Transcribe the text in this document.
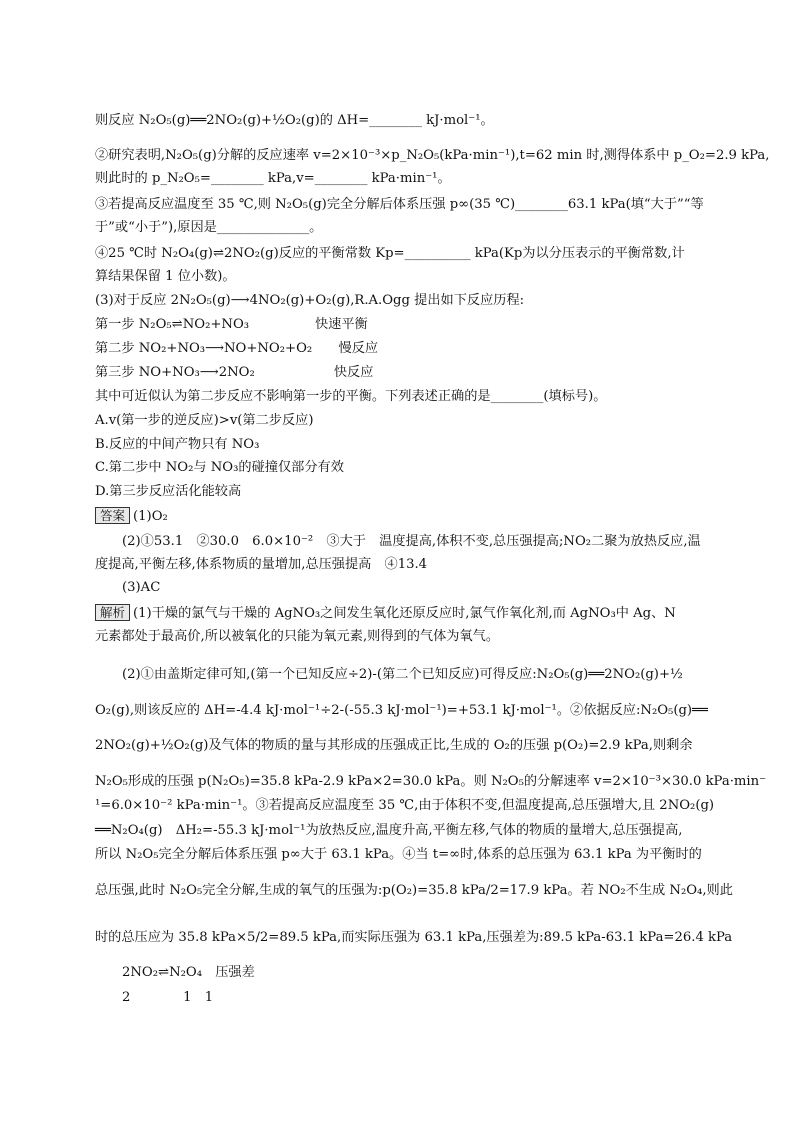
则反应 N₂O₅(g)══2NO₂(g)+½O₂(g)的 ΔH=________ kJ·mol⁻¹。
②研究表明,N₂O₅(g)分解的反应速率 v=2×10⁻³×p_N₂O₅(kPa·min⁻¹),t=62 min 时,测得体系中 p_O₂=2.9 kPa,
则此时的 p_N₂O₅=________ kPa,v=________ kPa·min⁻¹。
③若提高反应温度至 35 ℃,则 N₂O₅(g)完全分解后体系压强 p∞(35 ℃)________63.1 kPa(填“大于”“等
于”或“小于”),原因是______________。
④25 ℃时 N₂O₄(g)⇌2NO₂(g)反应的平衡常数 Kp=__________ kPa(Kp为以分压表示的平衡常数,计
算结果保留 1 位小数)。
(3)对于反应 2N₂O₅(g)⟶4NO₂(g)+O₂(g),R.A.Ogg 提出如下反应历程:
第一步 N₂O₅⇌NO₂+NO₃　　　　　快速平衡
第二步 NO₂+NO₃⟶NO+NO₂+O₂　　慢反应
第三步 NO+NO₃⟶2NO₂　　　　　　快反应
其中可近似认为第二步反应不影响第一步的平衡。下列表述正确的是________(填标号)。
A.v(第一步的逆反应)>v(第二步反应)
B.反应的中间产物只有 NO₃
C.第二步中 NO₂与 NO₃的碰撞仅部分有效
D.第三步反应活化能较高
答案 (1)O₂
(2)①53.1　②30.0　6.0×10⁻²　③大于　温度提高,体积不变,总压强提高;NO₂二聚为放热反应,温
度提高,平衡左移,体系物质的量增加,总压强提高　④13.4
(3)AC
解析 (1)干燥的氯气与干燥的 AgNO₃之间发生氧化还原反应时,氯气作氧化剂,而 AgNO₃中 Ag、N
元素都处于最高价,所以被氧化的只能为氧元素,则得到的气体为氧气。
(2)①由盖斯定律可知,(第一个已知反应÷2)-(第二个已知反应)可得反应:N₂O₅(g)══2NO₂(g)+½
O₂(g),则该反应的 ΔH=-4.4 kJ·mol⁻¹÷2-(-55.3 kJ·mol⁻¹)=+53.1 kJ·mol⁻¹。②依据反应:N₂O₅(g)══
2NO₂(g)+½O₂(g)及气体的物质的量与其形成的压强成正比,生成的 O₂的压强 p(O₂)=2.9 kPa,则剩余
N₂O₅形成的压强 p(N₂O₅)=35.8 kPa-2.9 kPa×2=30.0 kPa。则 N₂O₅的分解速率 v=2×10⁻³×30.0 kPa·min⁻
¹=6.0×10⁻² kPa·min⁻¹。③若提高反应温度至 35 ℃,由于体积不变,但温度提高,总压强增大,且 2NO₂(g)
══N₂O₄(g)　ΔH₂=-55.3 kJ·mol⁻¹为放热反应,温度升高,平衡左移,气体的物质的量增大,总压强提高,
所以 N₂O₅完全分解后体系压强 p∞大于 63.1 kPa。④当 t=∞时,体系的总压强为 63.1 kPa 为平衡时的
总压强,此时 N₂O₅完全分解,生成的氧气的压强为:p(O₂)=35.8 kPa/2=17.9 kPa。若 NO₂不生成 N₂O₄,则此
时的总压应为 35.8 kPa×5/2=89.5 kPa,而实际压强为 63.1 kPa,压强差为:89.5 kPa-63.1 kPa=26.4 kPa
2NO₂⇌N₂O₄　压强差
2　　　　1　1
